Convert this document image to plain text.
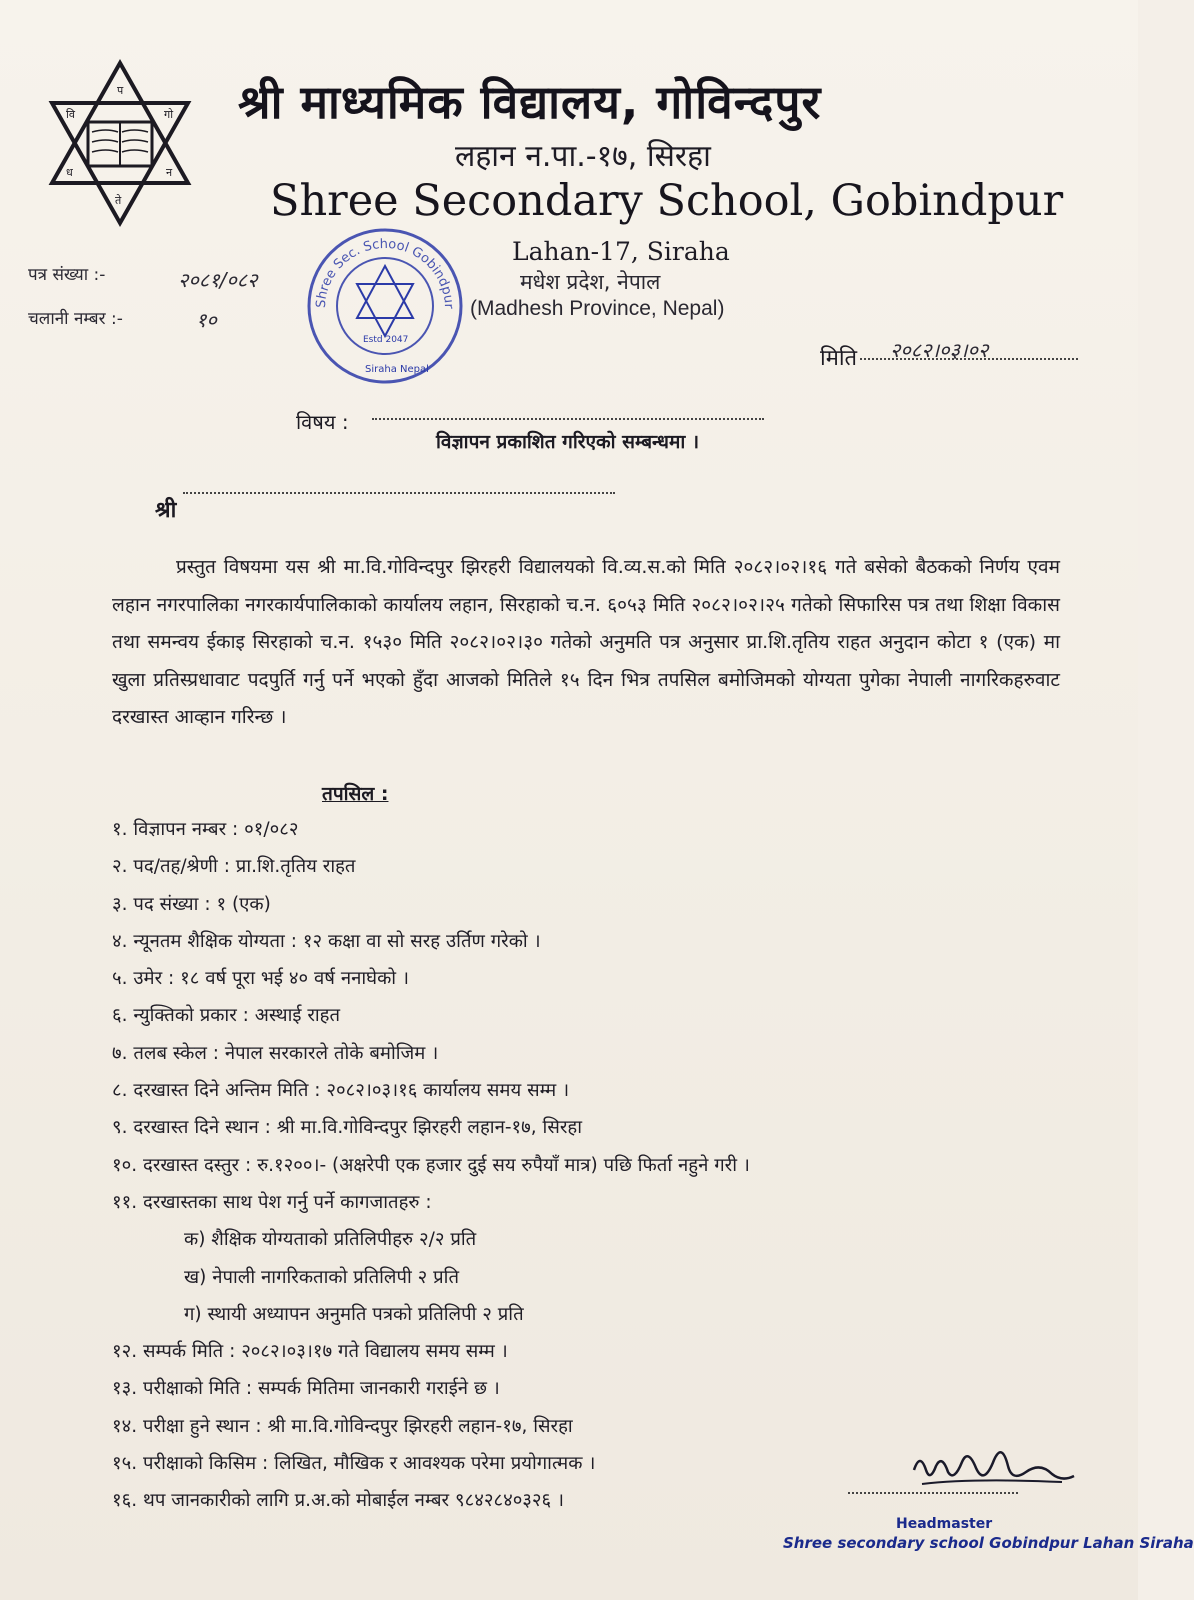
प
वि	गो
ध	न
ते
श्री माध्यमिक विद्यालय, गोविन्दपुर
लहान न.पा.-१७, सिरहा
Shree Secondary School, Gobindpur
Lahan-17, Siraha
मधेश प्रदेश, नेपाल
(Madhesh Province, Nepal)
Shree Sec. School Gobindpur
Estd 2047
Siraha Nepal
पत्र संख्या :-	२०८१/०८२
चलानी नम्बर :-	१०
मिति २०८२।०३।०२
विषय :
विज्ञापन प्रकाशित गरिएको सम्बन्धमा ।
श्री
प्रस्तुत विषयमा यस श्री मा.वि.गोविन्दपुर झिरहरी विद्यालयको वि.व्य.स.को मिति २०८२।०२।१६ गते बसेको बैठकको निर्णय एवम लहान नगरपालिका नगरकार्यपालिकाको कार्यालय लहान, सिरहाको च.न. ६०५३ मिति २०८२।०२।२५ गतेको सिफारिस पत्र तथा शिक्षा विकास तथा समन्वय ईकाइ सिरहाको च.न. १५३० मिति २०८२।०२।३० गतेको अनुमति पत्र अनुसार प्रा.शि.तृतिय राहत अनुदान कोटा १ (एक) मा खुला प्रतिस्प्रधावाट पदपुर्ति गर्नु पर्ने भएको हुँदा आजको मितिले १५ दिन भित्र तपसिल बमोजिमको योग्यता पुगेका नेपाली नागरिकहरुवाट दरखास्त आव्हान गरिन्छ ।
तपसिल :
१. विज्ञापन नम्बर : ०१/०८२
२. पद/तह/श्रेणी : प्रा.शि.तृतिय राहत
३. पद संख्या : १ (एक)
४. न्यूनतम शैक्षिक योग्यता : १२ कक्षा वा सो सरह उर्तिण गरेको ।
५. उमेर : १८ वर्ष पूरा भई ४० वर्ष ननाघेको ।
६. न्युक्तिको प्रकार : अस्थाई राहत
७. तलब स्केल : नेपाल सरकारले तोके बमोजिम ।
८. दरखास्त दिने अन्तिम मिति : २०८२।०३।१६ कार्यालय समय सम्म ।
९. दरखास्त दिने स्थान : श्री मा.वि.गोविन्दपुर झिरहरी लहान-१७, सिरहा
१०. दरखास्त दस्तुर : रु.१२००।- (अक्षरेपी एक हजार दुई सय रुपैयाँ मात्र) पछि फिर्ता नहुने गरी ।
११. दरखास्तका साथ पेश गर्नु पर्ने कागजातहरु :
क) शैक्षिक योग्यताको प्रतिलिपीहरु २/२ प्रति
ख) नेपाली नागरिकताको प्रतिलिपी २ प्रति
ग) स्थायी अध्यापन अनुमति पत्रको प्रतिलिपी २ प्रति
१२. सम्पर्क मिति : २०८२।०३।१७ गते विद्यालय समय सम्म ।
१३. परीक्षाको मिति : सम्पर्क मितिमा जानकारी गराईने छ ।
१४. परीक्षा हुने स्थान : श्री मा.वि.गोविन्दपुर झिरहरी लहान-१७, सिरहा
१५. परीक्षाको किसिम : लिखित, मौखिक र आवश्यक परेमा प्रयोगात्मक ।
१६. थप जानकारीको लागि प्र.अ.को मोबाईल नम्बर ९८४२८४०३२६ ।
Headmaster
Shree secondary school Gobindpur Lahan Siraha
